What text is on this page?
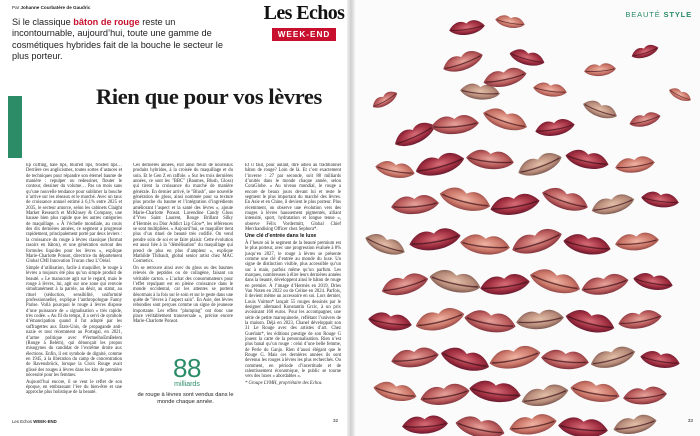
Par Johanne Courbatère de Gaudric
Si le classique bâton de rouge reste un incontournable, aujourd’hui, toute une gamme de cosmétiques hybrides fait de la bouche le secteur le plus porteur.
Les Echos
WEEK-END
Rien que pour vos lèvres

lip cuffing, hale lips, blurred lips, frosted lips… Derrière ces anglicismes, toutes sortes d’astuces et de techniques pour répandre son éternel baume de manière : repulper ou redessiner, flouter le contour, dessiner du volume… Pas un mois sans qu’une nouvelle tendance pour sublimer la bouche n’arrive sur les réseaux et le marché. Avec un taux de croissance annuel estimé à 6,1% entre 2025 et 2035, le secteur amorce, selon les cabinets Claight Market Research et McKinsey & Company, une hausse bien plus rapide que les autres catégories de maquillage. « À l’échelle mondiale, au cours des dix dernières années, ce segment a progressé rapidement, principalement porté par deux leviers : la croissance du rouge à lèvres classique (format rasoirs en bâton), et une génération surtout des formules liquides pour les lèvres », explique Marie-Charlotte Ponsot, directrice du département Global CMI Innovation Trucan chez L’Oréal.

Simple d’utilisation, facile à maquiller, le rouge à lèvres a toujours été plus qu’un simple produit de beauté. « Le manucure agit sur le regard, mais le rouge à lèvres, lui, agit sur une zone qui renvoie simultanément à la parole, au désir, au statut, au rituel (séduction, sensibilité, uniformité professionnelle), explique l’anthropologue Fanny Parise. Voilà pourquoi le rouge à lèvres dispose d’une puissance de « signalisation » très rapide, très codée. » Au fil du temps, il a servi de symbole d’émancipation quand il fut adopté par les suffragettes aux États-Unis, de propagande anti-nazie et tout récemment au Portugal, en 2021, d’arme politique avec #VermelhoEmBelem (Rouge à Belém), qui dénonçait les propos misogynes du candidat de l’extrême droite aux élections. Enfin, il est symbole de dignité, comme en 1945, à la libération du camp de concentration de Ravensbrück, lorsque la Croix Rouge avait glissé des rouges à lèvres dans les kits de première nécessité pour les femmes.

Aujourd’hui encore, il se veut le reflet de son époque, en embrassant l’ère du bien-être et une approche plus holistique de la beauté.

Ces dernières années, exit ainsi fleuri de nouveaux produits hybrides, à la croisée du maquillage et du soin. Et le Gen Z en raffole. « Sur les trois dernières années, ce sont les "BBC" (Baumes, Blush, Gloss) qui tirent la croissance du marché de manière générale. En dernier arrivé, le "Blush", une nouvelle génération de gloss, ainsi nommée pour sa texture plus proche du baume et l’intégration d’ingrédients améliorant l’aspect et la santé des lèvres », ajoute Marie-Charlotte Ponsot. Lavendine Candy Gloss d’Yves Saint Laurent, Rouge Brillant Silky d’Hermès ou Dior Addict Lip Glow*, les références se sont multipliées. « Aujourd’hui, se maquiller tient plus d’un rituel de beauté très codifié. On vend pendre soin de soi et se faire plaisir. Cette évolution est aussi liée à la "démêlisation" du maquillage qui prend de plus en plus d’ampleur », explique Mathilde Thibault, global senior artist chez MAC Cosmetics.

On se retrouve ainsi avec du gloss ou des baumes relevés de peptides ou de collagène, faisant un véritable carton. « L’achat des consommateurs pour l’effet repulpant est en pleine croissance dans le monde occidental, car les attentes se portent désormais à la fois sur le soin et sur le geste dans une quête de "lèvres à l’aspect sain". En Asie, des lèvres rebondies sont perçues comme un signe de jeunesse importante. Les effets "plumping" ont donc une place véritablement transversale », précise encore Marie-Charlotte Ponsot.

88
milliards
de rouge à lèvres sont vendus dans le monde chaque année.

Et il faut, pour autant, dire adieu au traditionnel bâton de rouge? Loin de là. Et c’est exactement l’inverse : 27 par seconde, soit 88 milliards d’unités dans le monde chaque année, selon CoraGlobe. « Au niveau mondial, le rouge a encore de beaux jours devant lui et reste le segment le plus important du marché des lèvres. En Asie et en Chine, il devient le plus porteur. Plus récemment, on observe une évolution vers des rouges à lèvres haussement pigmentés, alliant intensité, sport, hydratation et longue tenue », observe Félix Vordermitt, Global Chief Merchandising Officer chez Sephora*.

Une clé d’entrée dans le luxe

À l’heure où le segment de la beauté premium est le plus porteur, avec une progression évaluée à 8% jusqu’en 2027, le rouge à lèvres se présente comme une clé d’entrée au monde du luxe. Un signe de distinction visible, plus accessible qu’un sac à main, parfois même qu’un parfum. Les marques, nombreuses à élire leurs dernières années dans la beauté, développent ainsi le bâton de rouge en premier. À l’image d’Hermès en 2019, Dries Van Noten en 2022 ou de Celine en 2024. Parfois, il devient même un accessoire en soi. Lors dernier, Louis Vuitton* lançait 55 rouges dessinés par le designer allemand Konstantin Grcic, à un prix avoisinant 160 euros. Pour les accompagner, une série de petite maroquinerie, reflétant l’univers de la maison. Déjà en 2023, Chanel développait son 31 Le Rouge avec des artistes d’art. Chez Guerlain*, les éditions prestige de son Rouge G jouent la carte de la personnalisation. Rien n’est plus banal qu’un rouge : celui d’une belle femme, de Perle du Ganjo. Rien d’aussi élégant que le Rouge G. Mais ces dernières années ils sont devenus les rouges à lèvres les plus recherchés. Ou comment, en période d’incertitude et de ralentissement économique, le public se tourne vers des luxes « abordables ».

* Groupe LVMH, propriétaire des Echos.

Les Echos WEEK-END	32
BEAUTÉ STYLE
33
